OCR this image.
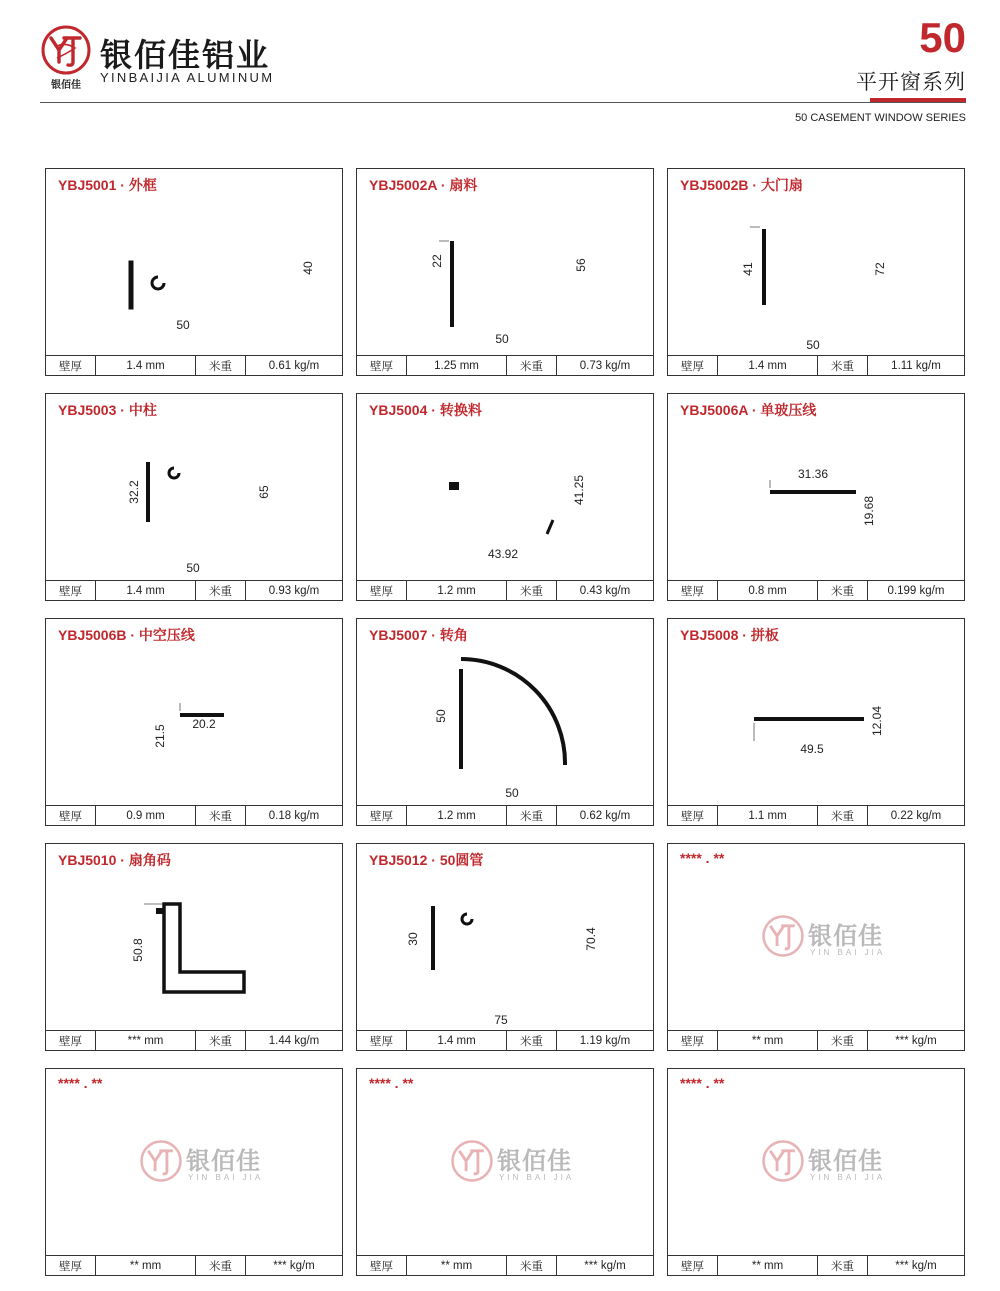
银佰佳
银佰佳铝业
YINBAIJIA ALUMINUM
50
平开窗系列
50 CASEMENT WINDOW SERIES
40
50
YBJ5001 · 外框
壁厚	1.4 mm	米重	0.61 kg/m
22	56
50
YBJ5002A · 扇料
壁厚	1.25 mm	米重	0.73 kg/m
41	72
50
YBJ5002B · 大门扇
壁厚	1.4 mm	米重	1.11 kg/m
32.2	65
50
YBJ5003 · 中柱
壁厚	1.4 mm	米重	0.93 kg/m
41.25
43.92
YBJ5004 · 转换料
壁厚	1.2 mm	米重	0.43 kg/m
31.36
19.68
YBJ5006A · 单玻压线
壁厚	0.8 mm	米重	0.199 kg/m
20.2
21.5
YBJ5006B · 中空压线
壁厚	0.9 mm	米重	0.18 kg/m
50
50
YBJ5007 · 转角
壁厚	1.2 mm	米重	0.62 kg/m
12.04
49.5
YBJ5008 · 拼板
壁厚	1.1 mm	米重	0.22 kg/m
50.8
YBJ5010 · 扇角码
壁厚	*** mm	米重	1.44 kg/m
30	70.4
75
YBJ5012 · 50圆管
壁厚	1.4 mm	米重	1.19 kg/m
银佰佳
YIN BAI JIA
**** . **
壁厚	** mm	米重	*** kg/m
银佰佳
YIN BAI JIA
**** . **
壁厚	** mm	米重	*** kg/m
银佰佳
YIN BAI JIA
**** . **
壁厚	** mm	米重	*** kg/m
银佰佳
YIN BAI JIA
**** . **
壁厚	** mm	米重	*** kg/m
